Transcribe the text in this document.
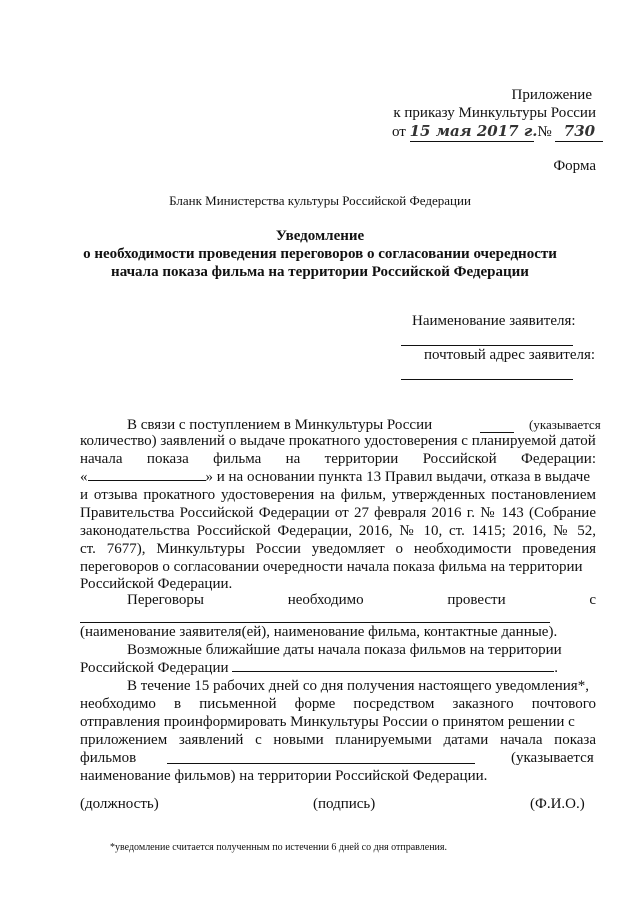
Приложение
к приказу Минкультуры России
от 15 мая 2017 г. № 730
Форма
Бланк Министерства культуры Российской Федерации
Уведомление
о необходимости проведения переговоров о согласовании очередности
начала показа фильма на территории Российской Федерации
Наименование заявителя:
почтовый адрес заявителя:
В связи с поступлением в Минкультуры России	(указывается
количество) заявлений о выдаче прокатного удостоверения с планируемой датой
начала показа фильма на территории Российской Федерации:
«	» и на основании пункта 13 Правил выдачи, отказа в выдаче
и отзыва прокатного удостоверения на фильм, утвержденных постановлением
Правительства Российской Федерации от 27 февраля 2016 г. № 143 (Собрание
законодательства Российской Федерации, 2016, № 10, ст. 1415; 2016, № 52,
ст. 7677), Минкультуры России уведомляет о необходимости проведения
переговоров о согласовании очередности начала показа фильма на территории
Российской Федерации.
Переговоры необходимо провести с
(наименование заявителя(ей), наименование фильма, контактные данные).
Возможные ближайшие даты начала показа фильмов на территории
Российской Федерации	.
В течение 15 рабочих дней со дня получения настоящего уведомления*,
необходимо в письменной форме посредством заказного почтового
отправления проинформировать Минкультуры России о принятом решении с
приложением заявлений с новыми планируемыми датами начала показа
фильмов	(указывается
наименование фильмов) на территории Российской Федерации.
(должность)	(подпись)	(Ф.И.О.)
*уведомление считается полученным по истечении 6 дней со дня отправления.
